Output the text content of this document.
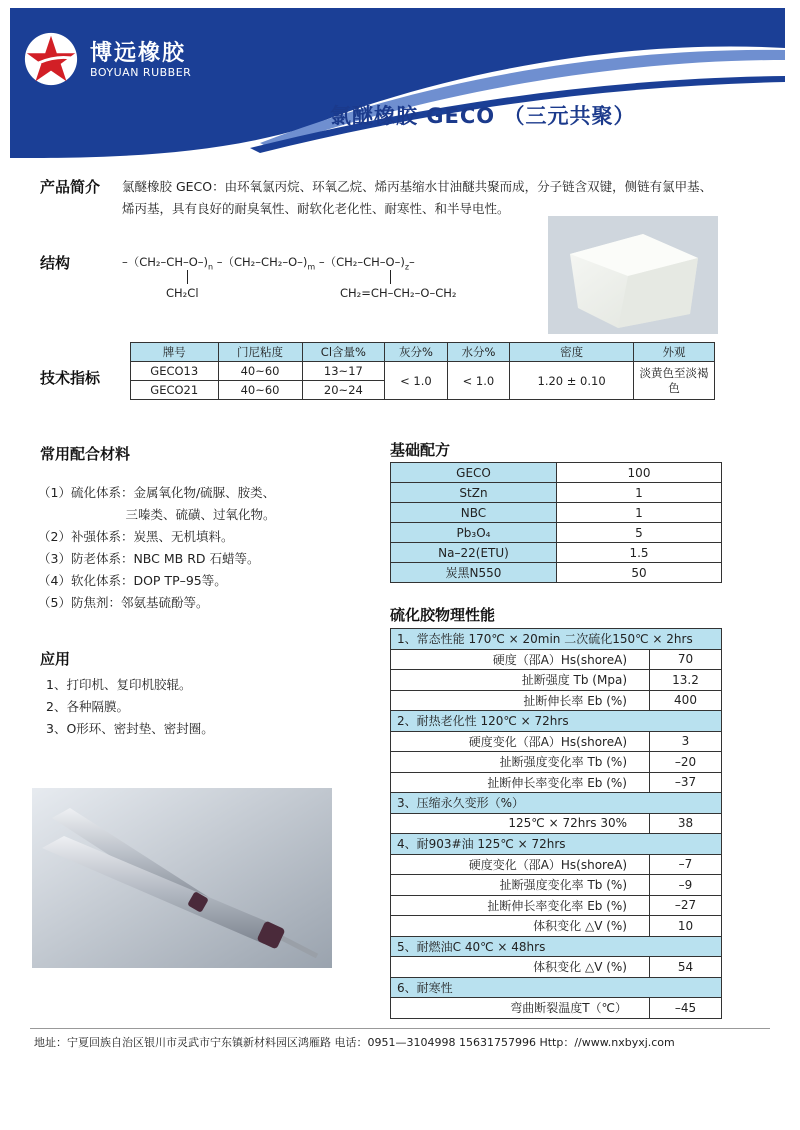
博远橡胶
BOYUAN RUBBER
氯醚橡胶 GECO （三元共聚）
产品简介 氯醚橡胶 GECO：由环氧氯丙烷、环氧乙烷、烯丙基缩水甘油醚共聚而成，分子链含双键，侧链有氯甲基、烯丙基，具有良好的耐臭氧性、耐软化老化性、耐寒性、和半导电性。
结构	$-(CH_2-CH-O-)_n$ $-(CH_2-CH_2-O-)_m$ $-(CH_2-CH-O-)_z-$
CH₂Cl	CH₂=CH–CH₂–O–CH₂
技术指标
牌号	门尼粘度	Cl含量%	灰分%	水分%	密度	外观
GECO13	40~60	13~17	< 1.0	< 1.0	1.20 ± 0.10	淡黄色至淡褐色
GECO21	40~60	20~24				
常用配合材料
（1）硫化体系：金属氧化物/硫脲、胺类、
　　　　　　　三嗪类、硫磺、过氧化物。
（2）补强体系：炭黑、无机填料。
（3）防老体系：NBC MB RD 石蜡等。
（4）软化体系：DOP TP–95等。
（5）防焦剂：邻氨基硫酚等。
应用
1、打印机、复印机胶辊。
2、各种隔膜。
3、O形环、密封垫、密封圈。
基础配方
GECO	100
StZn	1
NBC	1
Pb₃O₄	5
Na–22(ETU)	1.5
炭黑N550	50
硫化胶物理性能
1、常态性能 170℃ × 20min 二次硫化150℃ × 2hrs	
硬度（邵A）Hs(shoreA)	70
扯断强度 Tb (Mpa)	13.2
扯断伸长率 Eb (%)	400
2、耐热老化性 120℃ × 72hrs	
硬度变化（邵A）Hs(shoreA)	3
扯断强度变化率 Tb (%)	–20
扯断伸长率变化率 Eb (%)	–37
3、压缩永久变形（%）	
125℃ × 72hrs 30%	38
4、耐903#油 125℃ × 72hrs	
硬度变化（邵A）Hs(shoreA)	–7
扯断强度变化率 Tb (%)	–9
扯断伸长率变化率 Eb (%)	–27
体积变化 △V (%)	10
5、耐燃油C 40℃ × 48hrs	
体积变化 △V (%)	54
6、耐寒性	
弯曲断裂温度T（℃）	–45
地址：宁夏回族自治区银川市灵武市宁东镇新材料园区鸿雁路 电话：0951—3104998 15631757996 Http：//www.nxbyxj.com
